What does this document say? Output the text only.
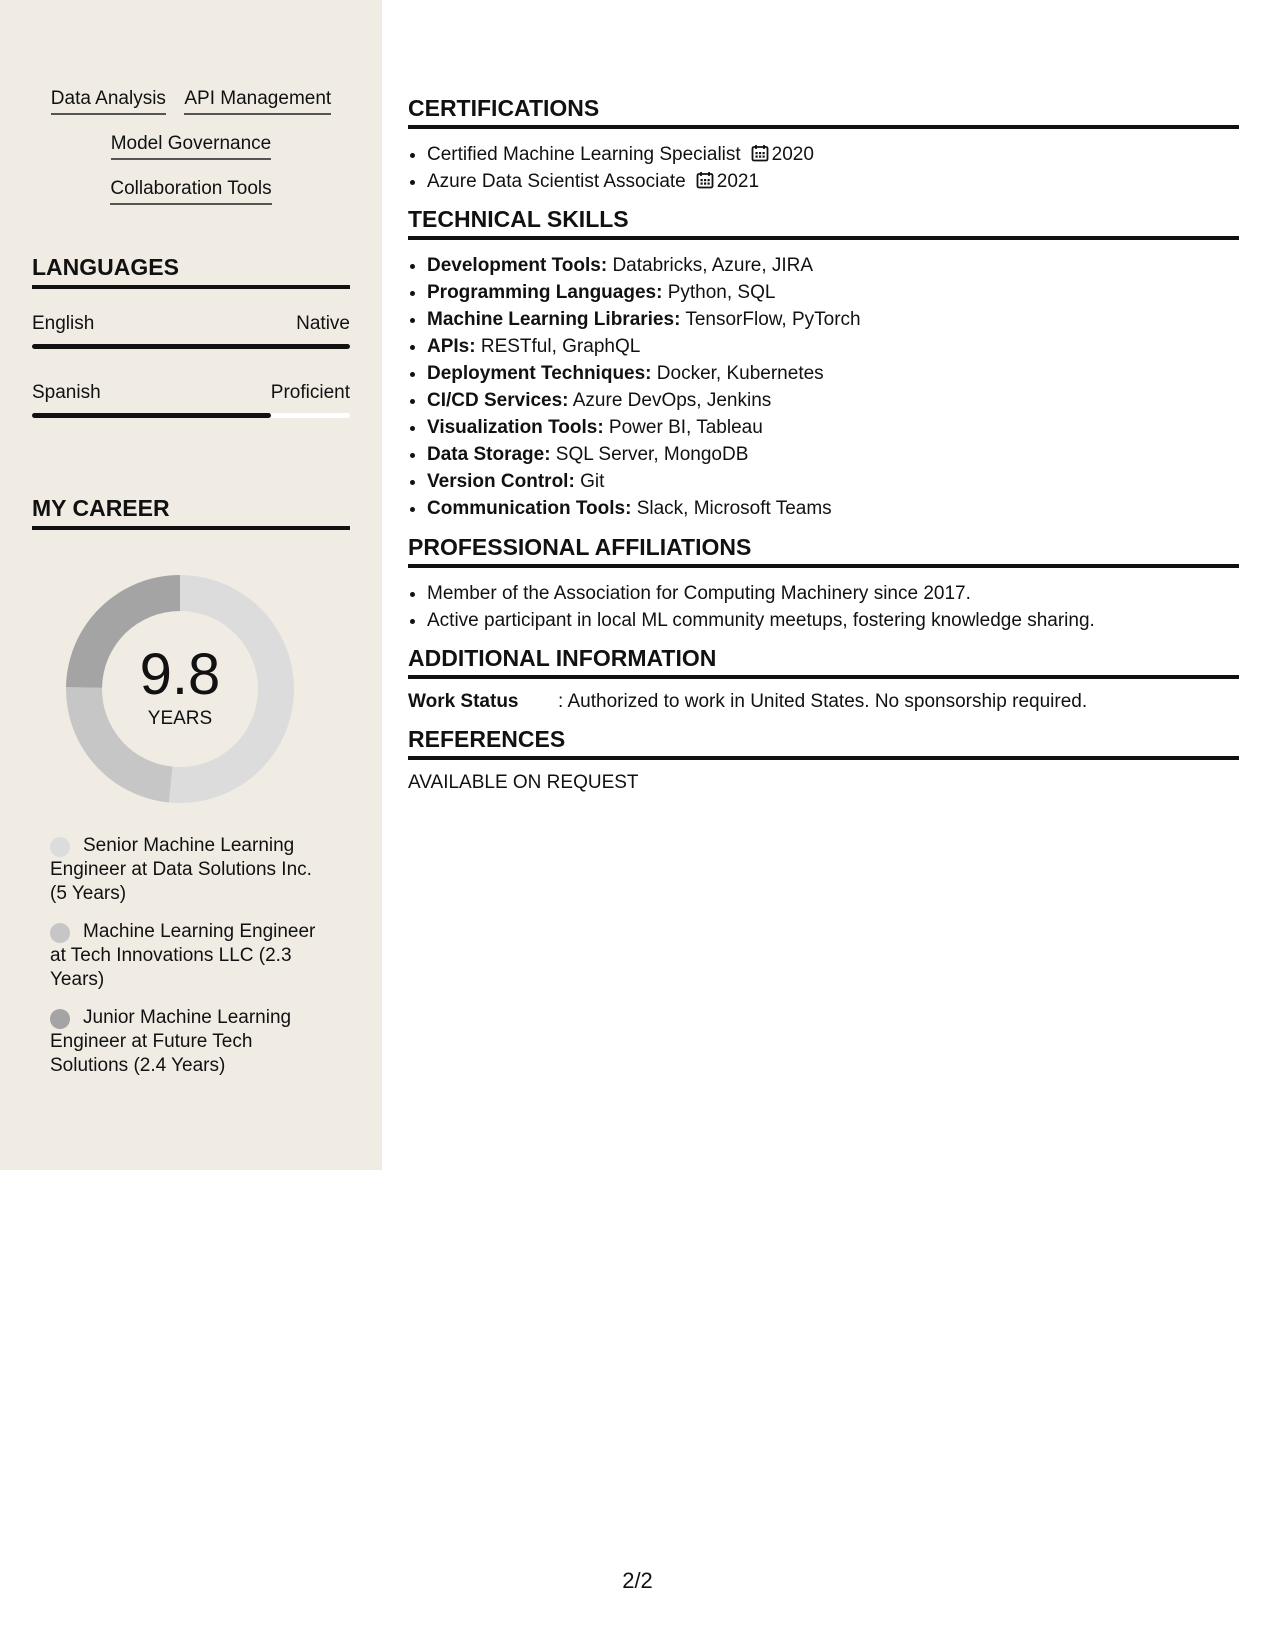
Data Analysis API Management
Model Governance
Collaboration Tools
LANGUAGES
English	Native
Spanish	Proficient
MY CAREER
9.8
YEARS
Senior Machine Learning Engineer at Data Solutions Inc. (5 Years)
Machine Learning Engineer at Tech Innovations LLC (2.3 Years)
Junior Machine Learning Engineer at Future Tech Solutions (2.4 Years)
CERTIFICATIONS
• Certified Machine Learning Specialist 2020
• Azure Data Scientist Associate 2021
TECHNICAL SKILLS
• Development Tools: Databricks, Azure, JIRA
• Programming Languages: Python, SQL
• Machine Learning Libraries: TensorFlow, PyTorch
• APIs: RESTful, GraphQL
• Deployment Techniques: Docker, Kubernetes
• CI/CD Services: Azure DevOps, Jenkins
• Visualization Tools: Power BI, Tableau
• Data Storage: SQL Server, MongoDB
• Version Control: Git
• Communication Tools: Slack, Microsoft Teams
PROFESSIONAL AFFILIATIONS
• Member of the Association for Computing Machinery since 2017.
• Active participant in local ML community meetups, fostering knowledge sharing.
ADDITIONAL INFORMATION
Work Status	: Authorized to work in United States. No sponsorship required.
REFERENCES
AVAILABLE ON REQUEST
2/2
